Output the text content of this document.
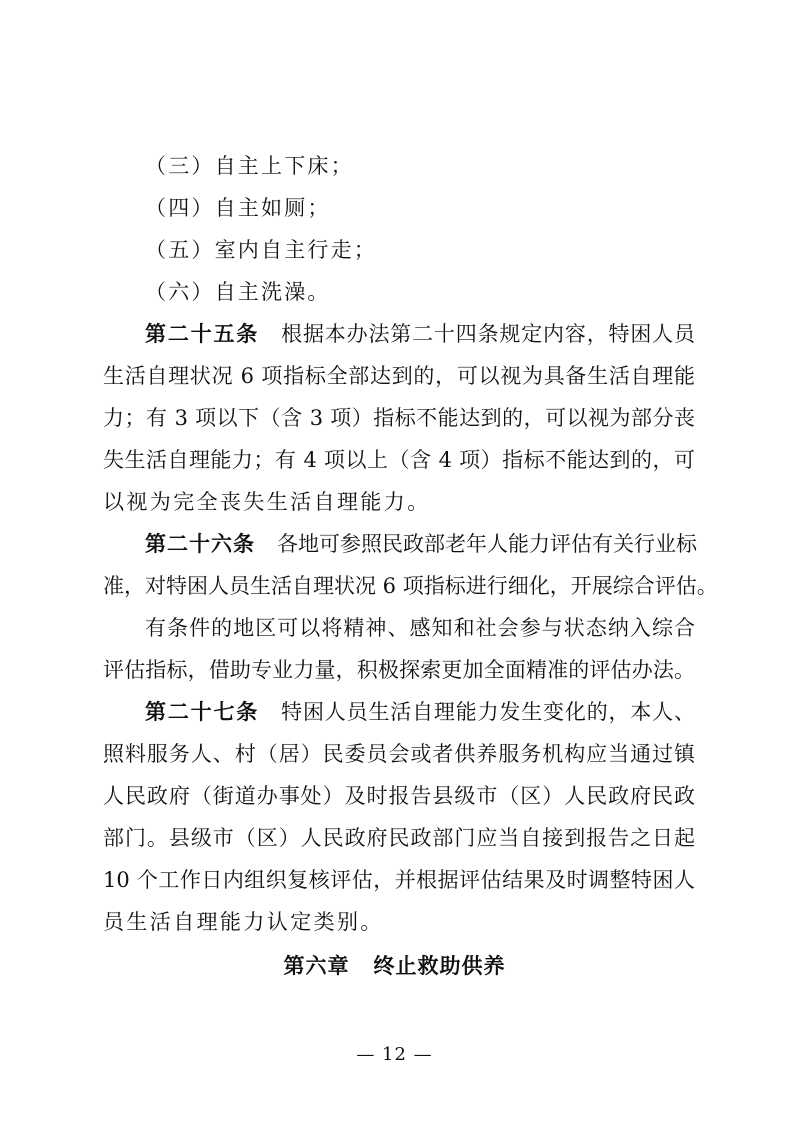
（三）自主上下床；
（四）自主如厕；
（五）室内自主行走；
（六）自主洗澡。
第二十五条 根据本办法第二十四条规定内容，特困人员
生活自理状况 6 项指标全部达到的，可以视为具备生活自理能
力；有 3 项以下（含 3 项）指标不能达到的，可以视为部分丧
失生活自理能力；有 4 项以上（含 4 项）指标不能达到的，可
以视为完全丧失生活自理能力。
第二十六条 各地可参照民政部老年人能力评估有关行业标
准，对特困人员生活自理状况 6 项指标进行细化，开展综合评估。
有条件的地区可以将精神、感知和社会参与状态纳入综合
评估指标，借助专业力量，积极探索更加全面精准的评估办法。
第二十七条 特困人员生活自理能力发生变化的，本人、
照料服务人、村（居）民委员会或者供养服务机构应当通过镇
人民政府（街道办事处）及时报告县级市（区）人民政府民政
部门。县级市（区）人民政府民政部门应当自接到报告之日起
10 个工作日内组织复核评估，并根据评估结果及时调整特困人
员生活自理能力认定类别。
第六章 终止救助供养
— 12 —
